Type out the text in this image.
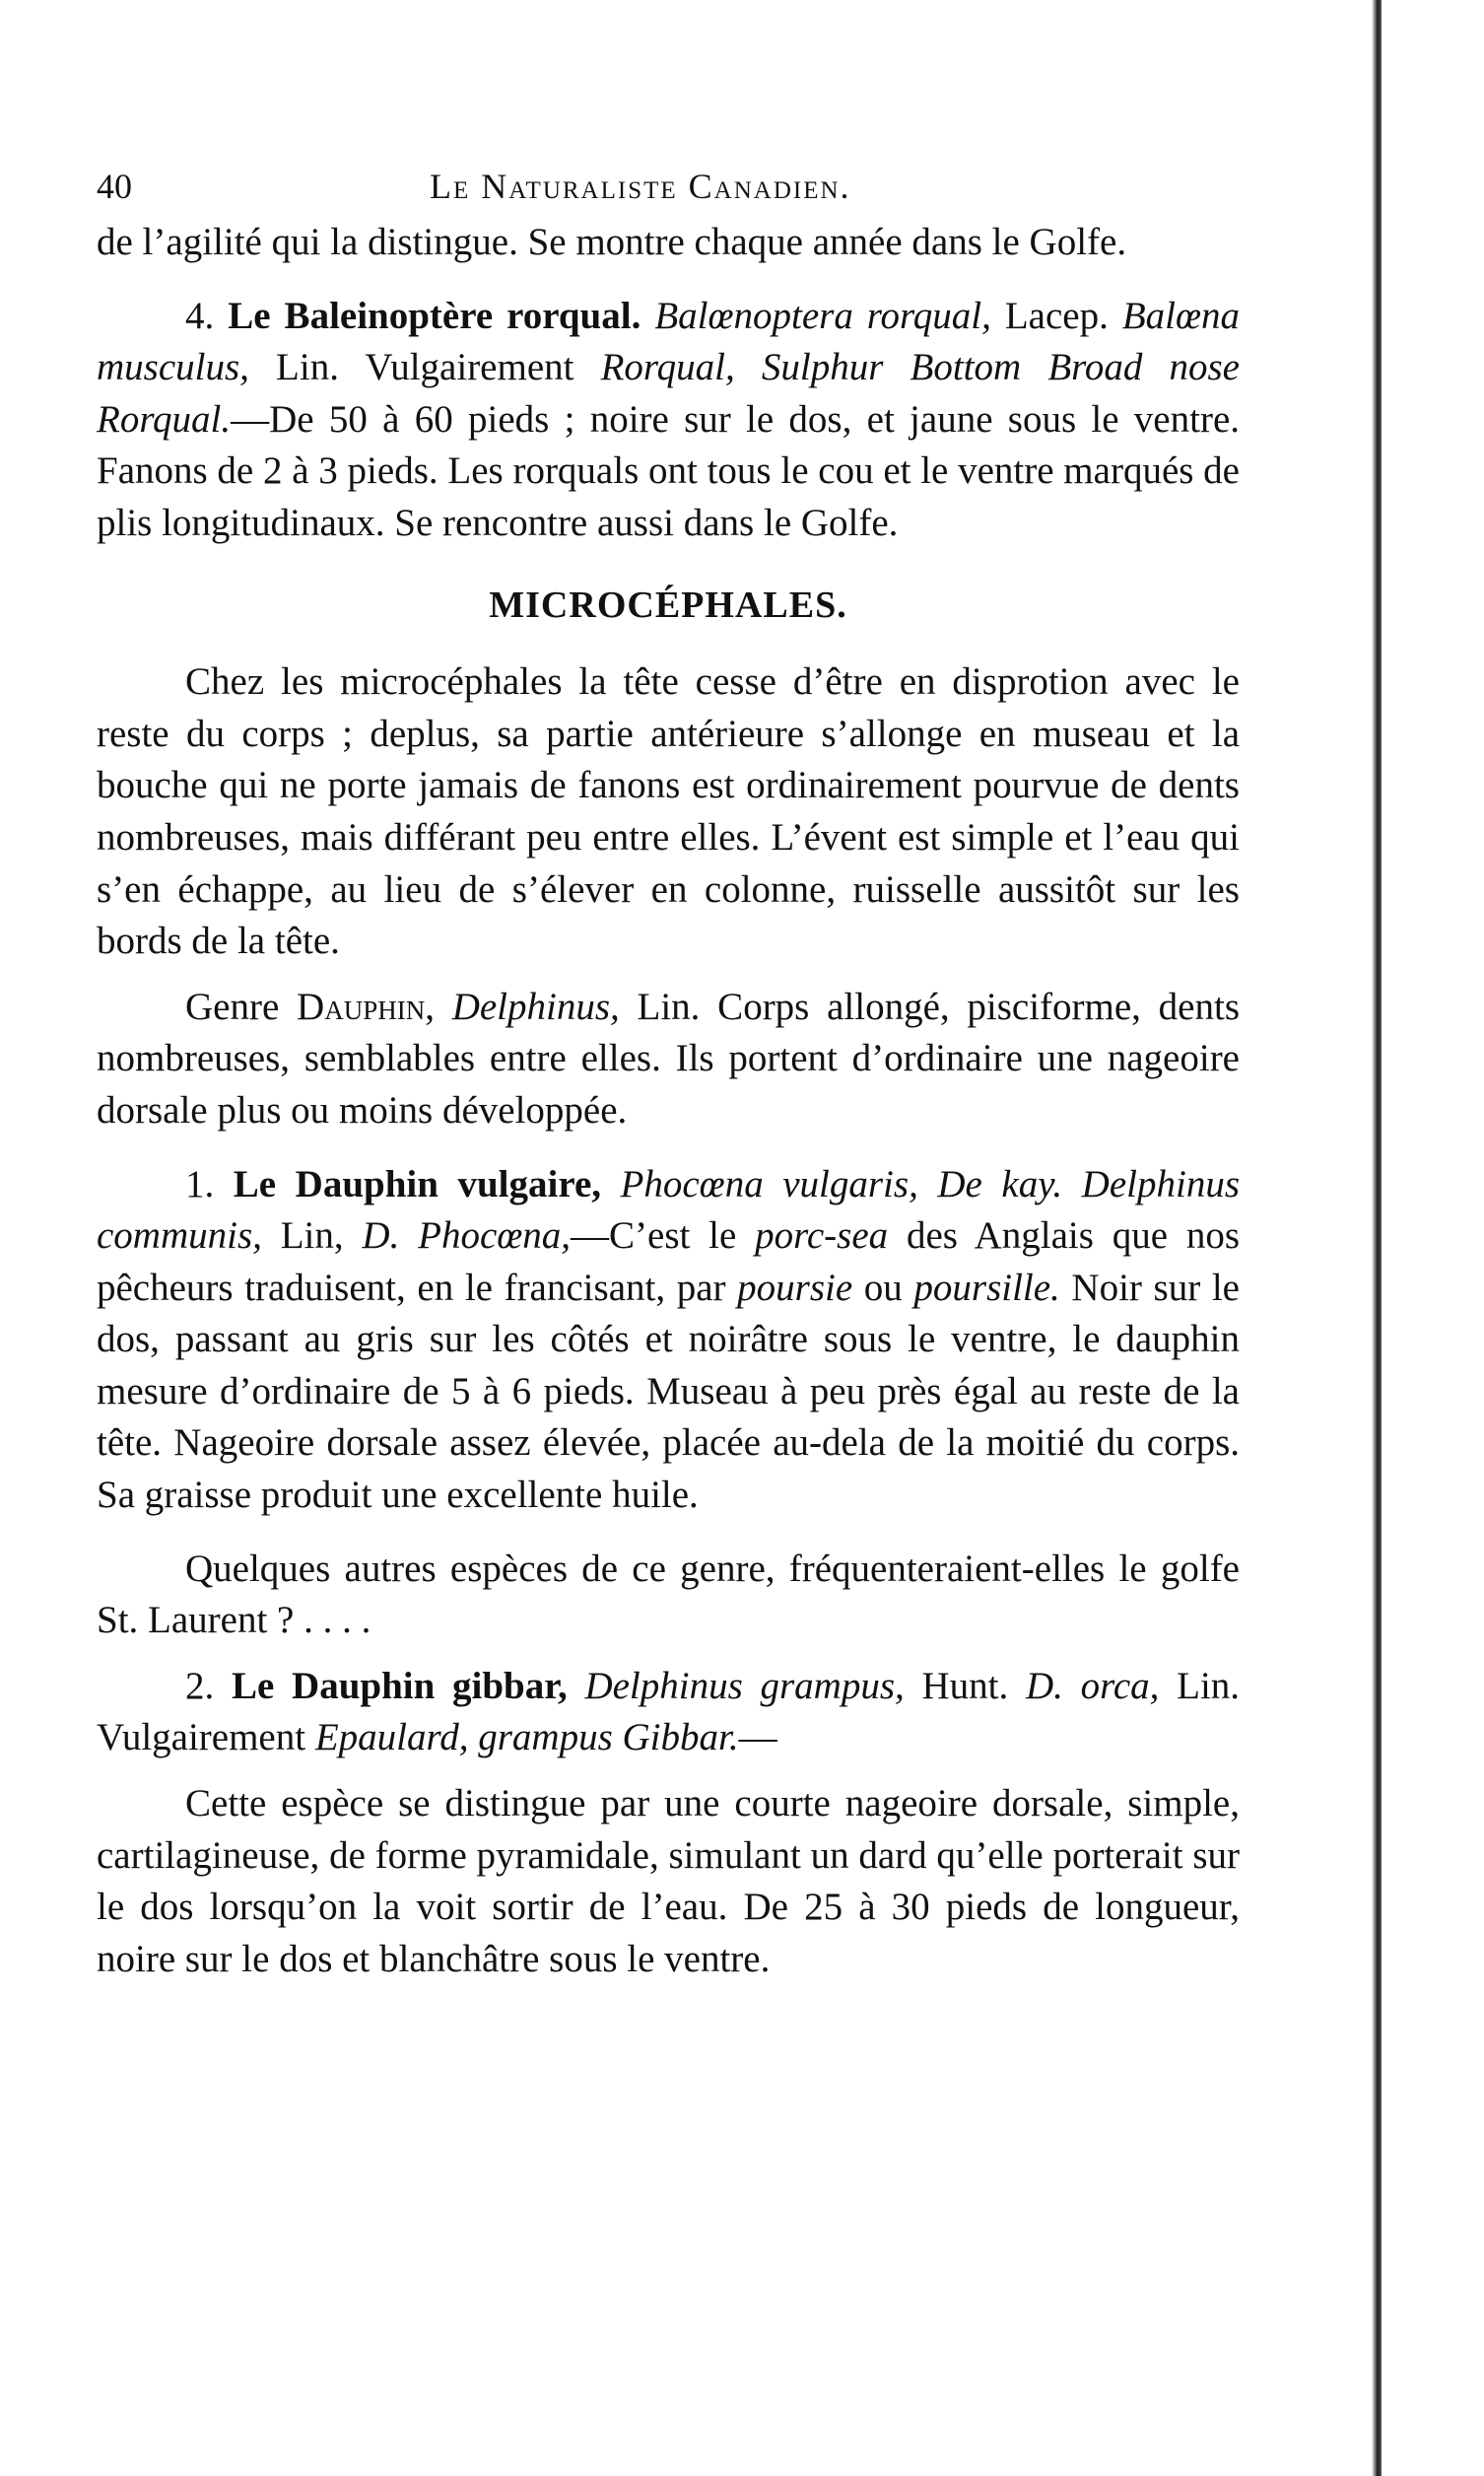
40	Le Naturaliste Canadien.

de l’agilité qui la distingue. Se montre chaque année dans le Golfe.

4. Le Baleinoptère rorqual. Balœnoptera rorqual, Lacep. Balœna musculus, Lin. Vulgairement Rorqual, Sulphur Bottom Broad nose Rorqual.—De 50 à 60 pieds ; noire sur le dos, et jaune sous le ventre. Fanons de 2 à 3 pieds. Les rorquals ont tous le cou et le ventre marqués de plis longitudinaux. Se rencontre aussi dans le Golfe.

MICROCÉPHALES.

Chez les microcéphales la tête cesse d’être en disprotion avec le reste du corps ; deplus, sa partie antérieure s’allonge en museau et la bouche qui ne porte jamais de fanons est ordinairement pourvue de dents nombreuses, mais différant peu entre elles. L’évent est simple et l’eau qui s’en échappe, au lieu de s’élever en colonne, ruisselle aussitôt sur les bords de la tête.

Genre Dauphin, Delphinus, Lin. Corps allongé, pisciforme, dents nombreuses, semblables entre elles. Ils portent d’ordinaire une nageoire dorsale plus ou moins développée.

1. Le Dauphin vulgaire, Phocœna vulgaris, De kay. Delphinus communis, Lin, D. Phocœna,—C’est le porc-sea des Anglais que nos pêcheurs traduisent, en le francisant, par poursie ou poursille. Noir sur le dos, passant au gris sur les côtés et noirâtre sous le ventre, le dauphin mesure d’ordinaire de 5 à 6 pieds. Museau à peu près égal au reste de la tête. Nageoire dorsale assez élevée, placée au-dela de la moitié du corps. Sa graisse produit une excellente huile.

Quelques autres espèces de ce genre, fréquenteraient-elles le golfe St. Laurent ? . . . .

2. Le Dauphin gibbar, Delphinus grampus, Hunt. D. orca, Lin. Vulgairement Epaulard, grampus Gibbar.—

Cette espèce se distingue par une courte nageoire dorsale, simple, cartilagineuse, de forme pyramidale, simulant un dard qu’elle porterait sur le dos lorsqu’on la voit sortir de l’eau. De 25 à 30 pieds de longueur, noire sur le dos et blanchâtre sous le ventre.
